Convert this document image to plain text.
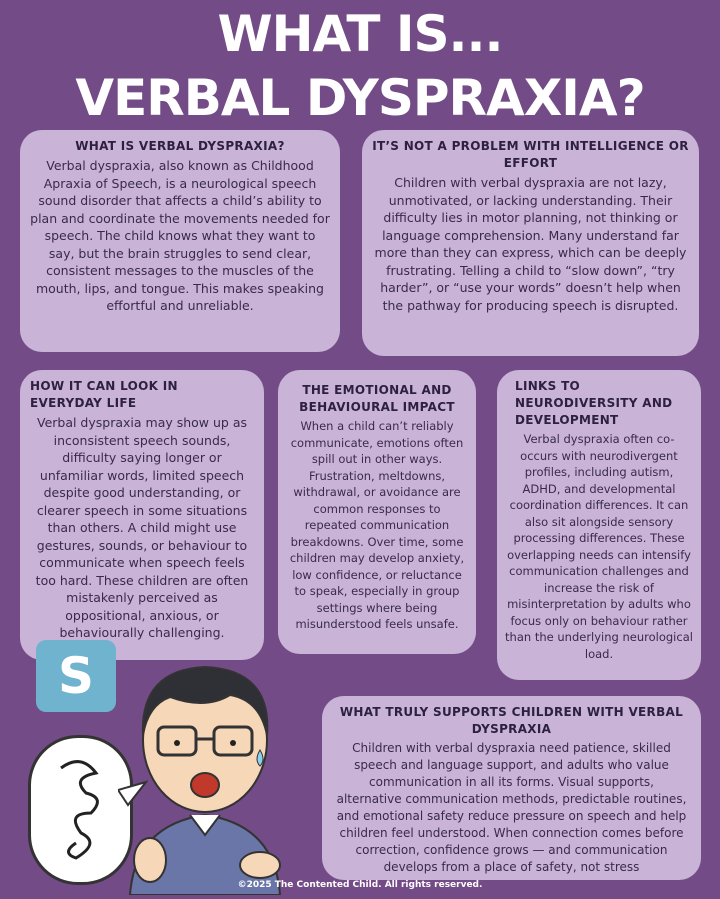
WHAT IS...
VERBAL DYSPRAXIA?
WHAT IS VERBAL DYSPRAXIA?

Verbal dyspraxia, also known as Childhood Apraxia of Speech, is a neurological speech sound disorder that affects a child’s ability to plan and coordinate the movements needed for speech. The child knows what they want to say, but the brain struggles to send clear, consistent messages to the muscles of the mouth, lips, and tongue. This makes speaking effortful and unreliable.

IT’S NOT A PROBLEM WITH INTELLIGENCE OR EFFORT

Children with verbal dyspraxia are not lazy, unmotivated, or lacking understanding. Their difficulty lies in motor planning, not thinking or language comprehension. Many understand far more than they can express, which can be deeply frustrating. Telling a child to “slow down”, “try harder”, or “use your words” doesn’t help when the pathway for producing speech is disrupted.

HOW IT CAN LOOK IN EVERYDAY LIFE

Verbal dyspraxia may show up as inconsistent speech sounds, difficulty saying longer or unfamiliar words, limited speech despite good understanding, or clearer speech in some situations than others. A child might use gestures, sounds, or behaviour to communicate when speech feels too hard. These children are often mistakenly perceived as oppositional, anxious, or behaviourally challenging.

THE EMOTIONAL AND BEHAVIOURAL IMPACT

When a child can’t reliably communicate, emotions often spill out in other ways. Frustration, meltdowns, withdrawal, or avoidance are common responses to repeated communication breakdowns. Over time, some children may develop anxiety, low confidence, or reluctance to speak, especially in group settings where being misunderstood feels unsafe.

LINKS TO NEURODIVERSITY AND DEVELOPMENT

Verbal dyspraxia often co-occurs with neurodivergent profiles, including autism, ADHD, and developmental coordination differences. It can also sit alongside sensory processing differences. These overlapping needs can intensify communication challenges and increase the risk of misinterpretation by adults who focus only on behaviour rather than the underlying neurological load.

WHAT TRULY SUPPORTS CHILDREN WITH VERBAL DYSPRAXIA

Children with verbal dyspraxia need patience, skilled speech and language support, and adults who value communication in all its forms. Visual supports, alternative communication methods, predictable routines, and emotional safety reduce pressure on speech and help children feel understood. When connection comes before correction, confidence grows — and communication develops from a place of safety, not stress

S
©2025 The Contented Child. All rights reserved.
